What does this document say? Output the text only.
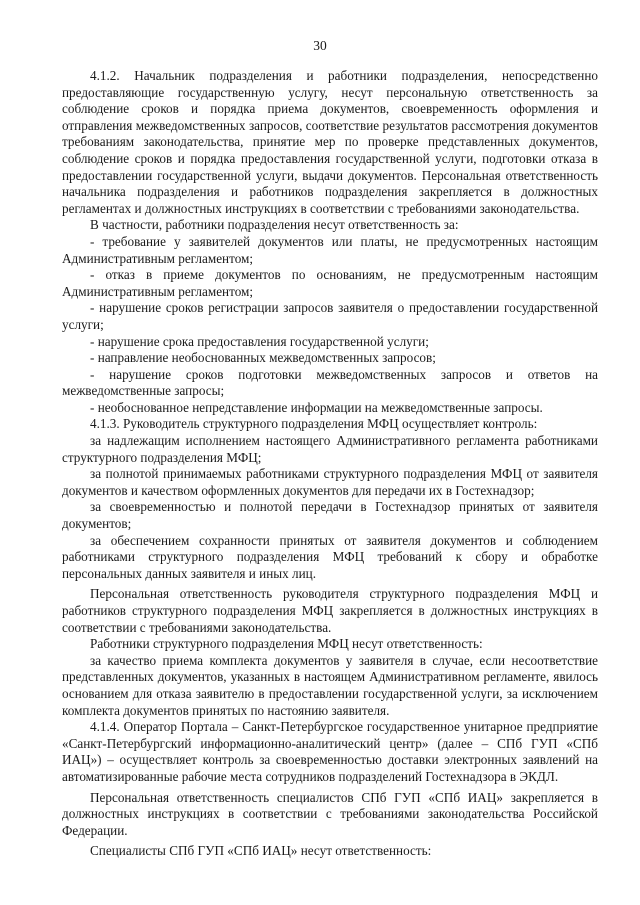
30

4.1.2. Начальник подразделения и работники подразделения, непосредственно предоставляющие государственную услугу, несут персональную ответственность за соблюдение сроков и порядка приема документов, своевременность оформления и отправления межведомственных запросов, соответствие результатов рассмотрения документов требованиям законодательства, принятие мер по проверке представленных документов, соблюдение сроков и порядка предоставления государственной услуги, подготовки отказа в предоставлении государственной услуги, выдачи документов. Персональная ответственность начальника подразделения и работников подразделения закрепляется в должностных регламентах и должностных инструкциях в соответствии с требованиями законодательства.

В частности, работники подразделения несут ответственность за:

- требование у заявителей документов или платы, не предусмотренных настоящим Административным регламентом;

- отказ в приеме документов по основаниям, не предусмотренным настоящим Административным регламентом;

- нарушение сроков регистрации запросов заявителя о предоставлении государственной услуги;

- нарушение срока предоставления государственной услуги;

- направление необоснованных межведомственных запросов;

- нарушение сроков подготовки межведомственных запросов и ответов на межведомственные запросы;

- необоснованное непредставление информации на межведомственные запросы.

4.1.3. Руководитель структурного подразделения МФЦ осуществляет контроль:

за надлежащим исполнением настоящего Административного регламента работниками структурного подразделения МФЦ;

за полнотой принимаемых работниками структурного подразделения МФЦ от заявителя документов и качеством оформленных документов для передачи их в Гостехнадзор;

за своевременностью и полнотой передачи в Гостехнадзор принятых от заявителя документов;

за обеспечением сохранности принятых от заявителя документов и соблюдением работниками структурного подразделения МФЦ требований к сбору и обработке персональных данных заявителя и иных лиц.

Персональная ответственность руководителя структурного подразделения МФЦ и работников структурного подразделения МФЦ закрепляется в должностных инструкциях в соответствии с требованиями законодательства.

Работники структурного подразделения МФЦ несут ответственность:

за качество приема комплекта документов у заявителя в случае, если несоответствие представленных документов, указанных в настоящем Административном регламенте, явилось основанием для отказа заявителю в предоставлении государственной услуги, за исключением комплекта документов принятых по настоянию заявителя.

4.1.4. Оператор Портала – Санкт-Петербургское государственное унитарное предприятие «Санкт-Петербургский информационно-аналитический центр» (далее – СПб ГУП «СПб ИАЦ») – осуществляет контроль за своевременностью доставки электронных заявлений на автоматизированные рабочие места сотрудников подразделений Гостехнадзора в ЭКДЛ.

Персональная ответственность специалистов СПб ГУП «СПб ИАЦ» закрепляется в должностных инструкциях в соответствии с требованиями законодательства Российской Федерации.

Специалисты СПб ГУП «СПб ИАЦ» несут ответственность:
